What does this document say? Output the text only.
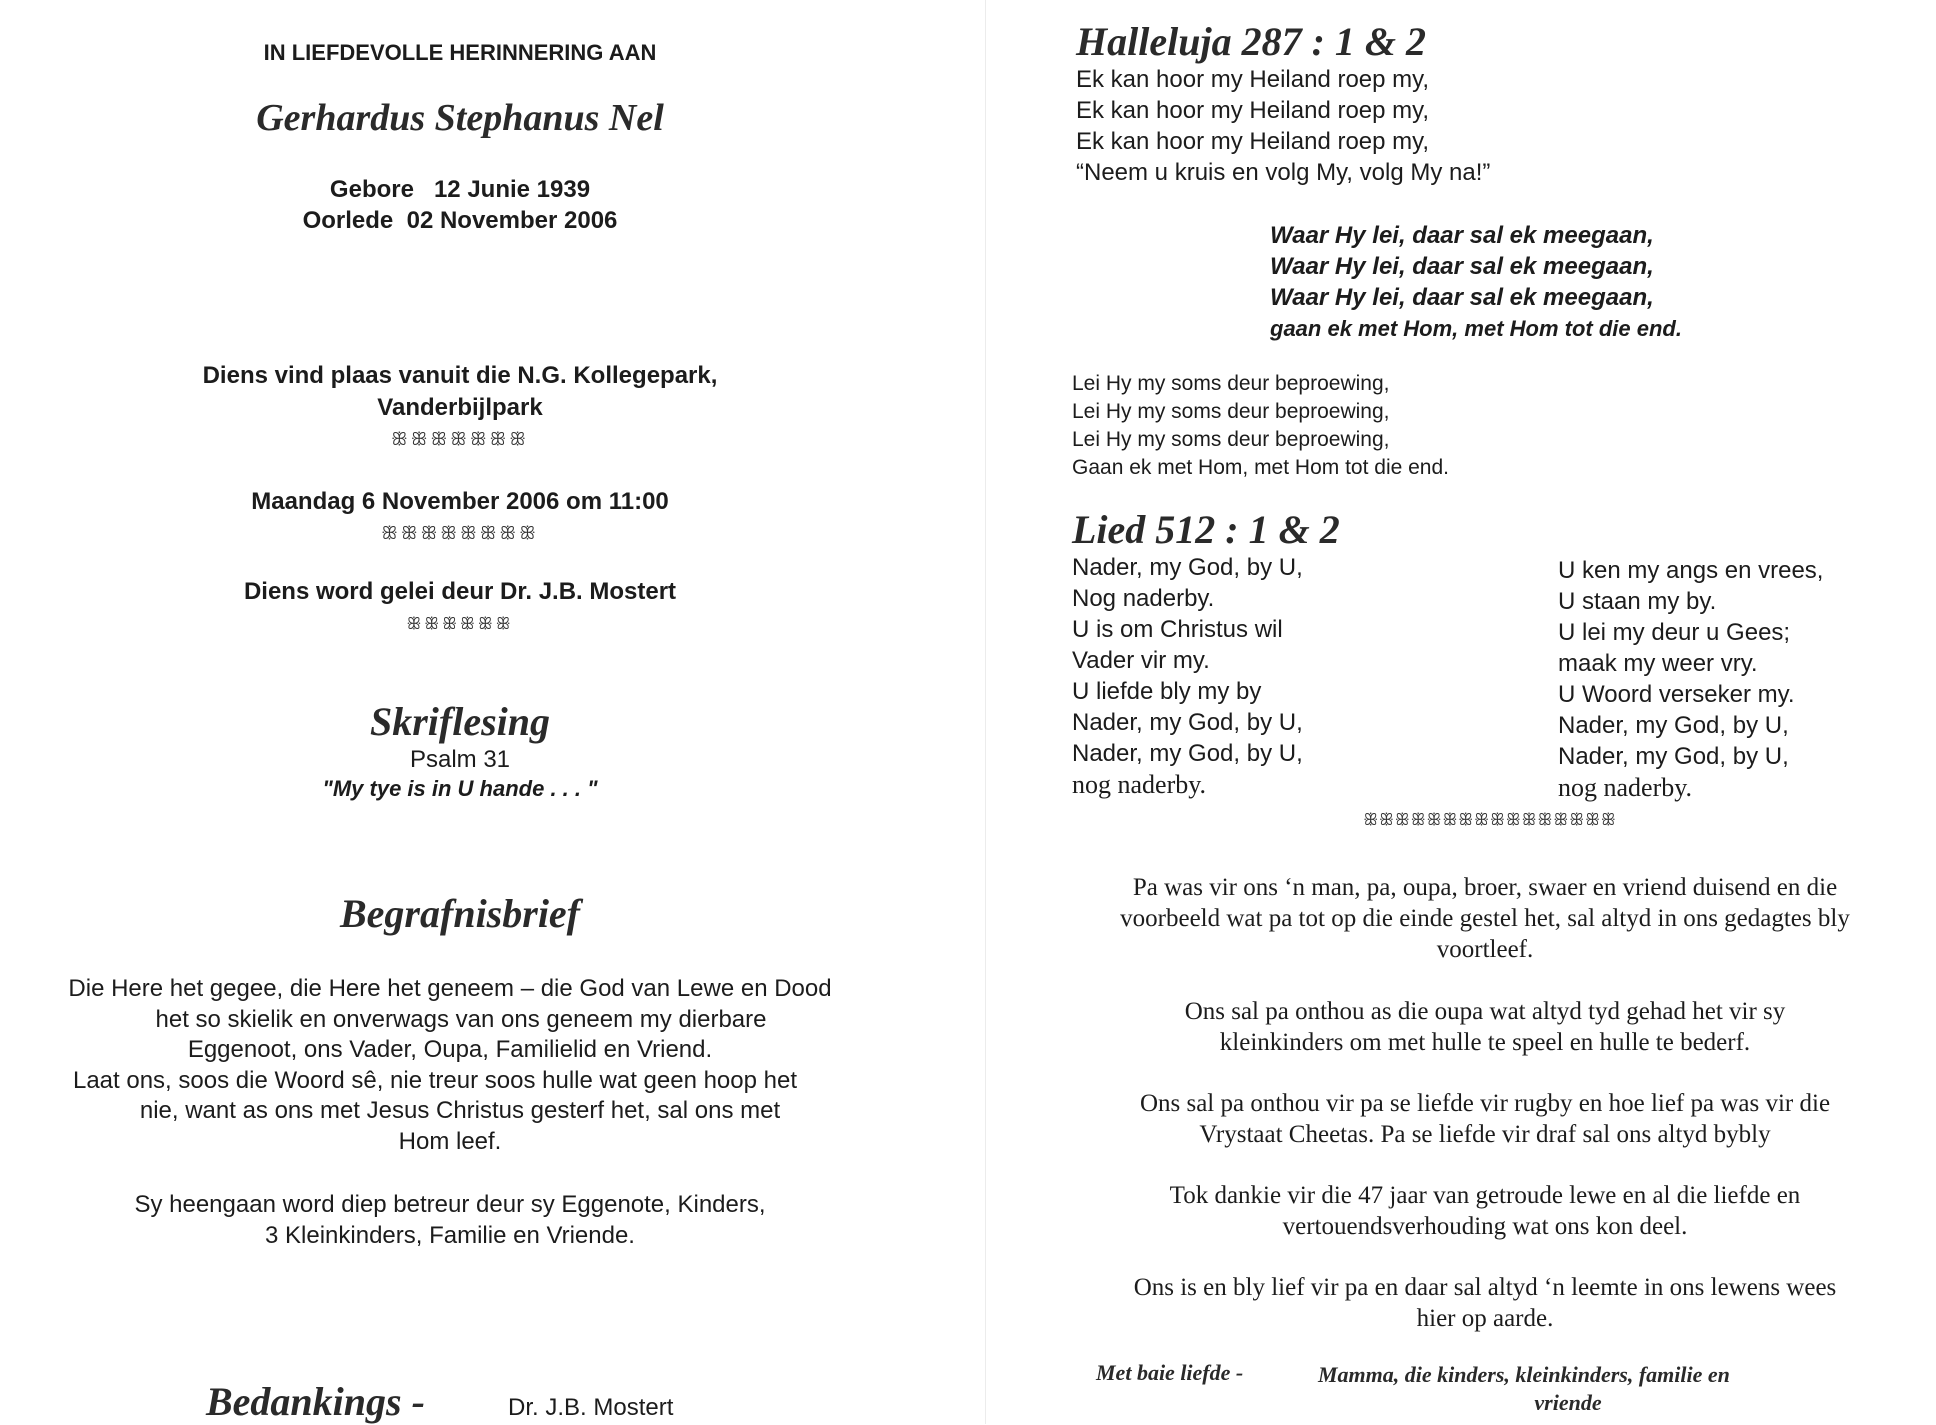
IN LIEFDEVOLLE HERINNERING AAN
Gerhardus Stephanus Nel
Gebore   12 Junie 1939
Oorlede  02 November 2006
Diens vind plaas vanuit die N.G. Kollegepark,
Vanderbijlpark
ꕥꕥꕥꕥꕥꕥꕥ
Maandag 6 November 2006 om 11:00
ꕥꕥꕥꕥꕥꕥꕥꕥ
Diens word gelei deur Dr. J.B. Mostert
ꕥꕥꕥꕥꕥꕥ
Skriflesing
Psalm 31
"My tye is in U hande . . . "
Begrafnisbrief
Die Here het gegee, die Here het geneem – die God van Lewe en Dood
het so skielik en onverwags van ons geneem my dierbare
Eggenoot, ons Vader, Oupa, Familielid en Vriend.
Laat ons, soos die Woord sê, nie treur soos hulle wat geen hoop het
nie, want as ons met Jesus Christus gesterf het, sal ons met
Hom leef.
Sy heengaan word diep betreur deur sy Eggenote, Kinders,
3 Kleinkinders, Familie en Vriende.
Bedankings -	Dr. J.B. Mostert
Halleluja 287 : 1 & 2
Ek kan hoor my Heiland roep my,
Ek kan hoor my Heiland roep my,
Ek kan hoor my Heiland roep my,
“Neem u kruis en volg My, volg My na!”
Waar Hy lei, daar sal ek meegaan,
Waar Hy lei, daar sal ek meegaan,
Waar Hy lei, daar sal ek meegaan,
gaan ek met Hom, met Hom tot die end.
Lei Hy my soms deur beproewing,
Lei Hy my soms deur beproewing,
Lei Hy my soms deur beproewing,
Gaan ek met Hom, met Hom tot die end.
Lied 512 : 1 & 2
Nader, my God, by U,
Nog naderby.
U is om Christus wil
Vader vir my.
U liefde bly my by
Nader, my God, by U,
Nader, my God, by U,
nog naderby.
U ken my angs en vrees,
U staan my by.
U lei my deur u Gees;
maak my weer vry.
U Woord verseker my.
Nader, my God, by U,
Nader, my God, by U,
nog naderby.
ꕥꕥꕥꕥꕥꕥꕥꕥꕥꕥꕥꕥꕥꕥꕥꕥ
Pa was vir ons ‘n man, pa, oupa, broer, swaer en vriend duisend en die
voorbeeld wat pa tot op die einde gestel het, sal altyd in ons gedagtes bly
voortleef.
Ons sal pa onthou as die oupa wat altyd tyd gehad het vir sy
kleinkinders om met hulle te speel en hulle te bederf.
Ons sal pa onthou vir pa se liefde vir rugby en hoe lief pa was vir die
Vrystaat Cheetas. Pa se liefde vir draf sal ons altyd bybly
Tok dankie vir die 47 jaar van getroude lewe en al die liefde en
vertouendsverhouding wat ons kon deel.
Ons is en bly lief vir pa en daar sal altyd ‘n leemte in ons lewens wees
hier op aarde.
Met baie liefde -	Mamma, die kinders, kleinkinders, familie en
vriende
